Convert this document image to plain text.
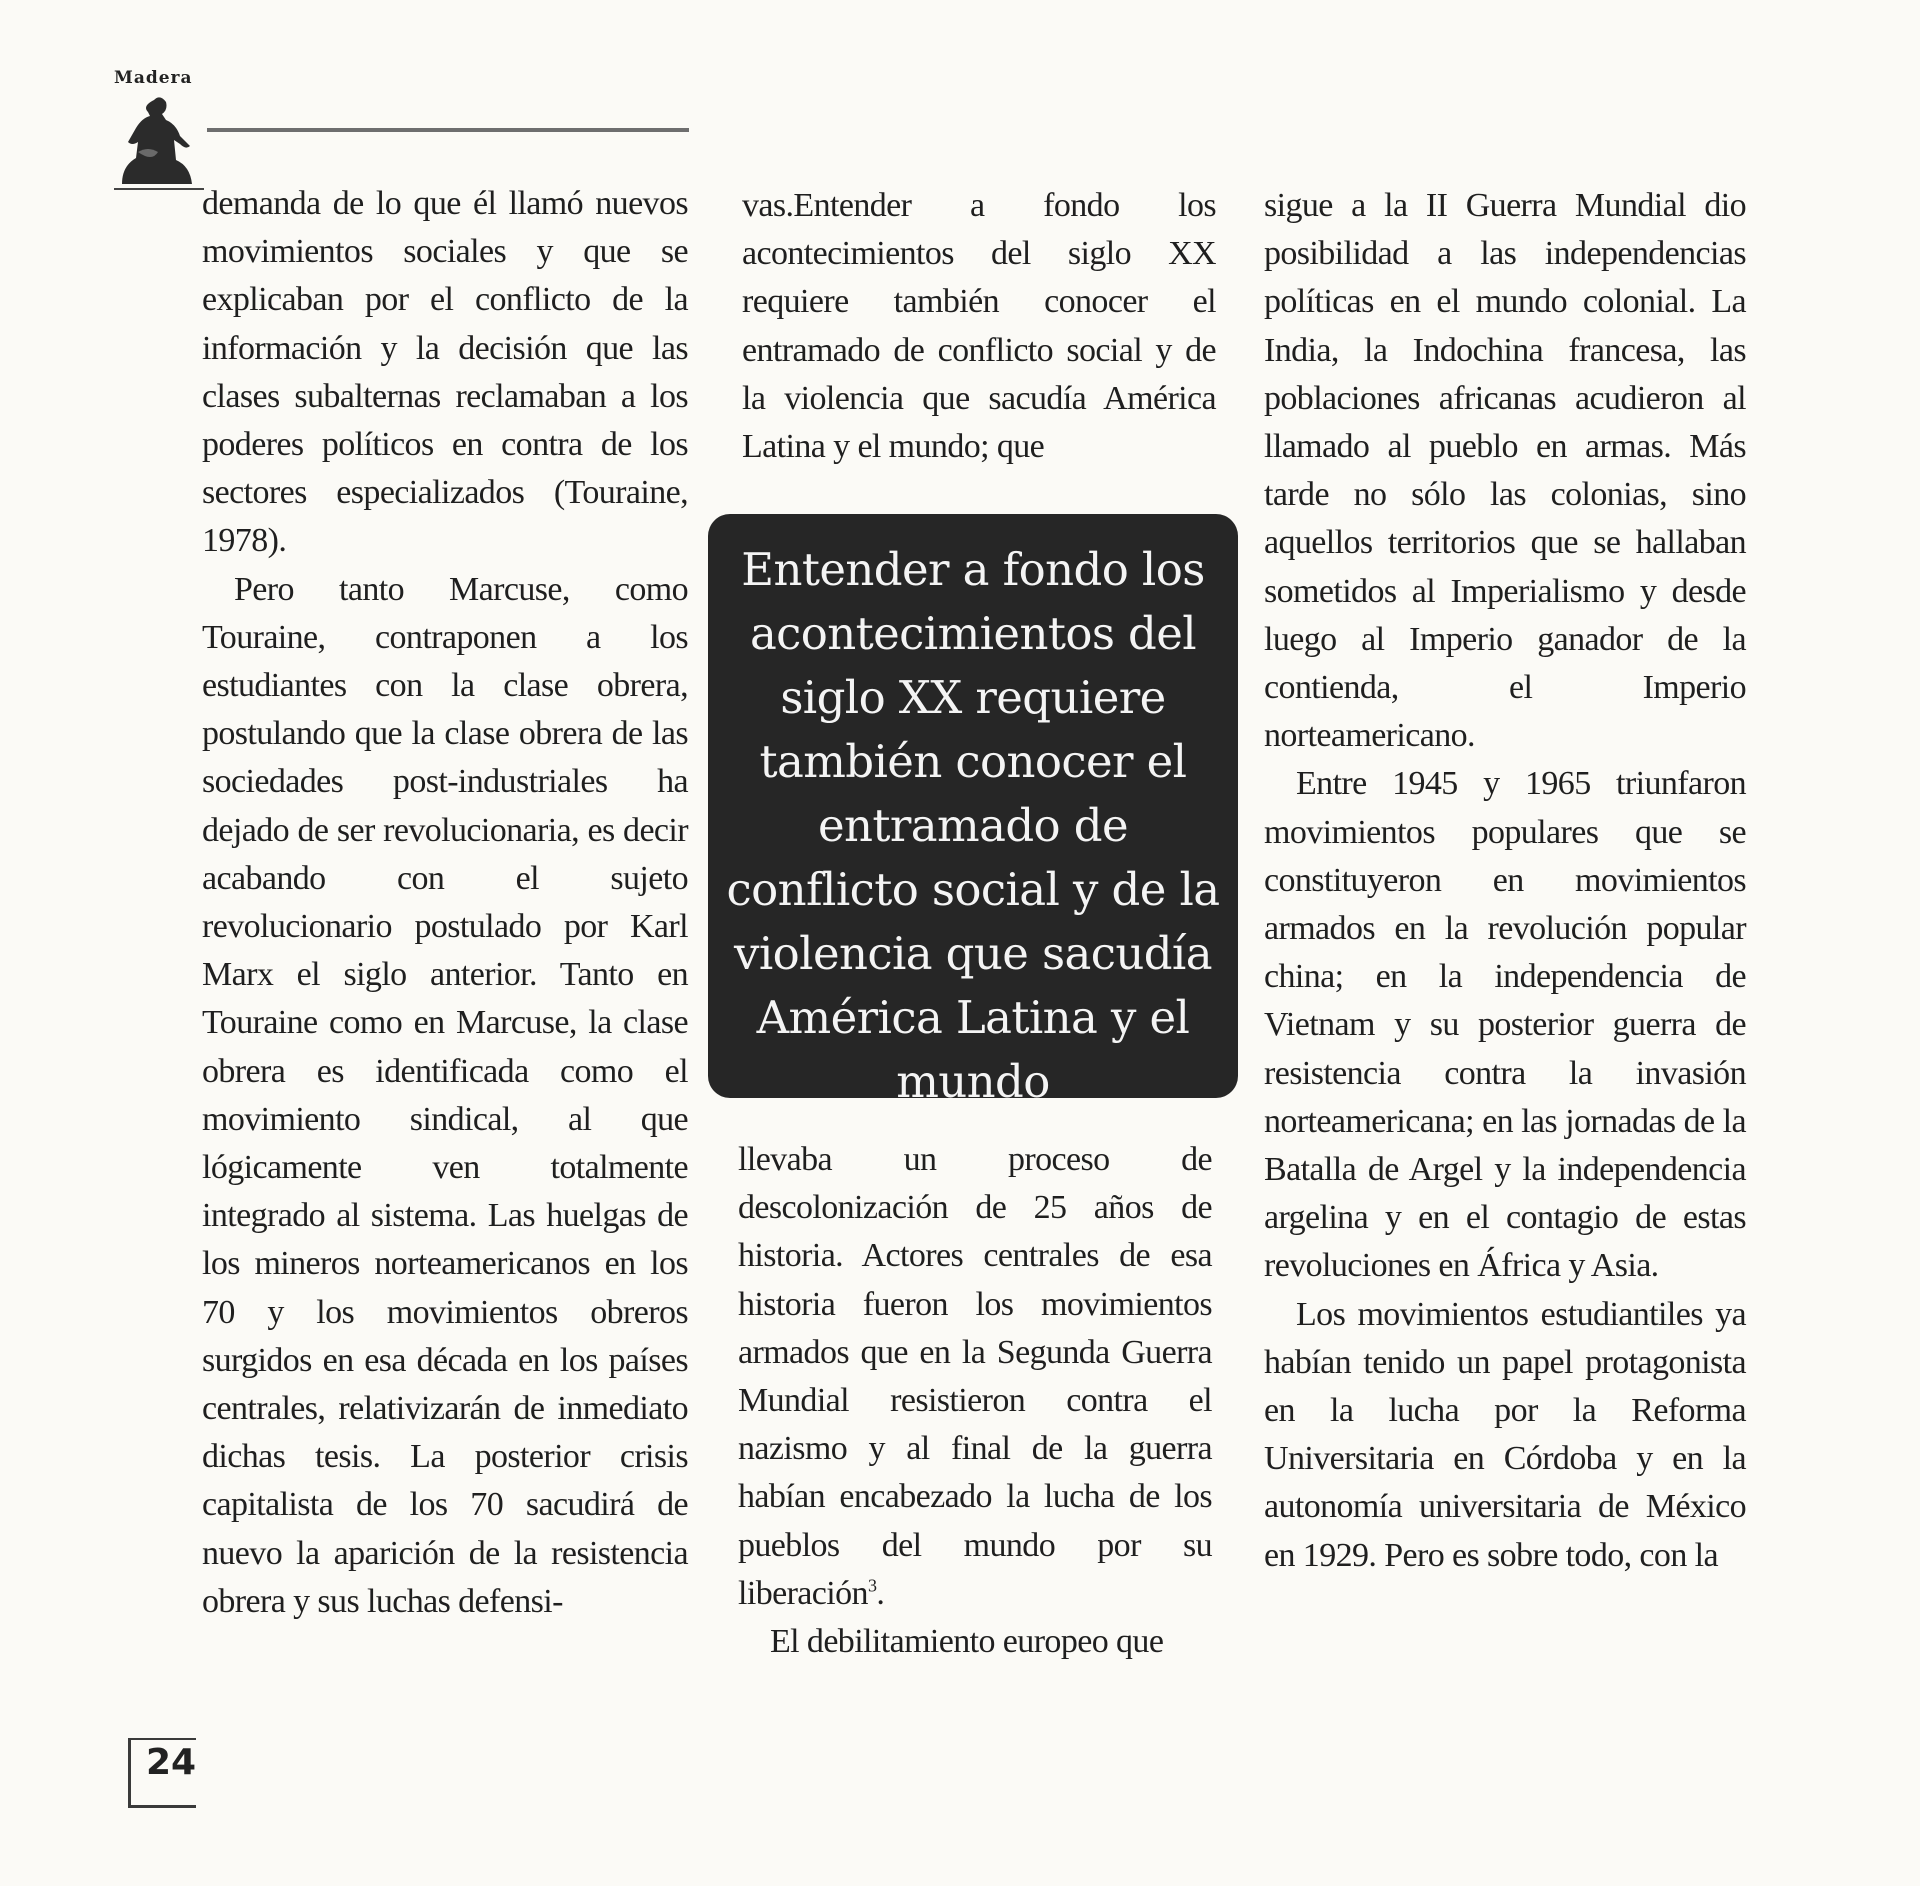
Madera

demanda de lo que él llamó nuevos movimientos sociales y que se explicaban por el conflicto de la información y la decisión que las clases subalternas reclamaban a los poderes políticos en contra de los sectores especializados (Touraine, 1978).

Pero tanto Marcuse, como Touraine, contraponen a los estudiantes con la clase obrera, postulando que la clase obrera de las sociedades post-industriales ha dejado de ser revolucionaria, es decir acabando con el sujeto revolucionario postulado por Karl Marx el siglo anterior. Tanto en Touraine como en Marcuse, la clase obrera es identificada como el movimiento sindical, al que lógicamente ven totalmente integrado al sistema. Las huelgas de los mineros norteamericanos en los 70 y los movimientos obreros surgidos en esa década en los países centrales, relativizarán de inmediato dichas tesis. La posterior crisis capitalista de los 70 sacudirá de nuevo la aparición de la resistencia obrera y sus luchas defensi-

vas.Entender a fondo los acontecimientos del siglo XX requiere también conocer el entramado de conflicto social y de la violencia que sacudía América Latina y el mundo; que

Entender a fondo los acontecimientos del siglo XX requiere también conocer el entramado de conflicto social y de la violencia que sacudía América Latina y el mundo

llevaba un proceso de descolonización de 25 años de historia. Actores centrales de esa historia fueron los movimientos armados que en la Segunda Guerra Mundial resistieron contra el nazismo y al final de la guerra habían encabezado la lucha de los pueblos del mundo por su liberación$^3$.

El debilitamiento europeo que

sigue a la II Guerra Mundial dio posibilidad a las independencias políticas en el mundo colonial. La India, la Indochina francesa, las poblaciones africanas acudieron al llamado al pueblo en armas. Más tarde no sólo las colonias, sino aquellos territorios que se hallaban sometidos al Imperialismo y desde luego al Imperio ganador de la contienda, el Imperio norteamericano.

Entre 1945 y 1965 triunfaron movimientos populares que se constituyeron en movimientos armados en la revolución popular china; en la independencia de Vietnam y su posterior guerra de resistencia contra la invasión norteamericana; en las jornadas de la Batalla de Argel y la independencia argelina y en el contagio de estas revoluciones en África y Asia.

Los movimientos estudiantiles ya habían tenido un papel protagonista en la lucha por la Reforma Universitaria en Córdoba y en la autonomía universitaria de México en 1929. Pero es sobre todo, con la

24
